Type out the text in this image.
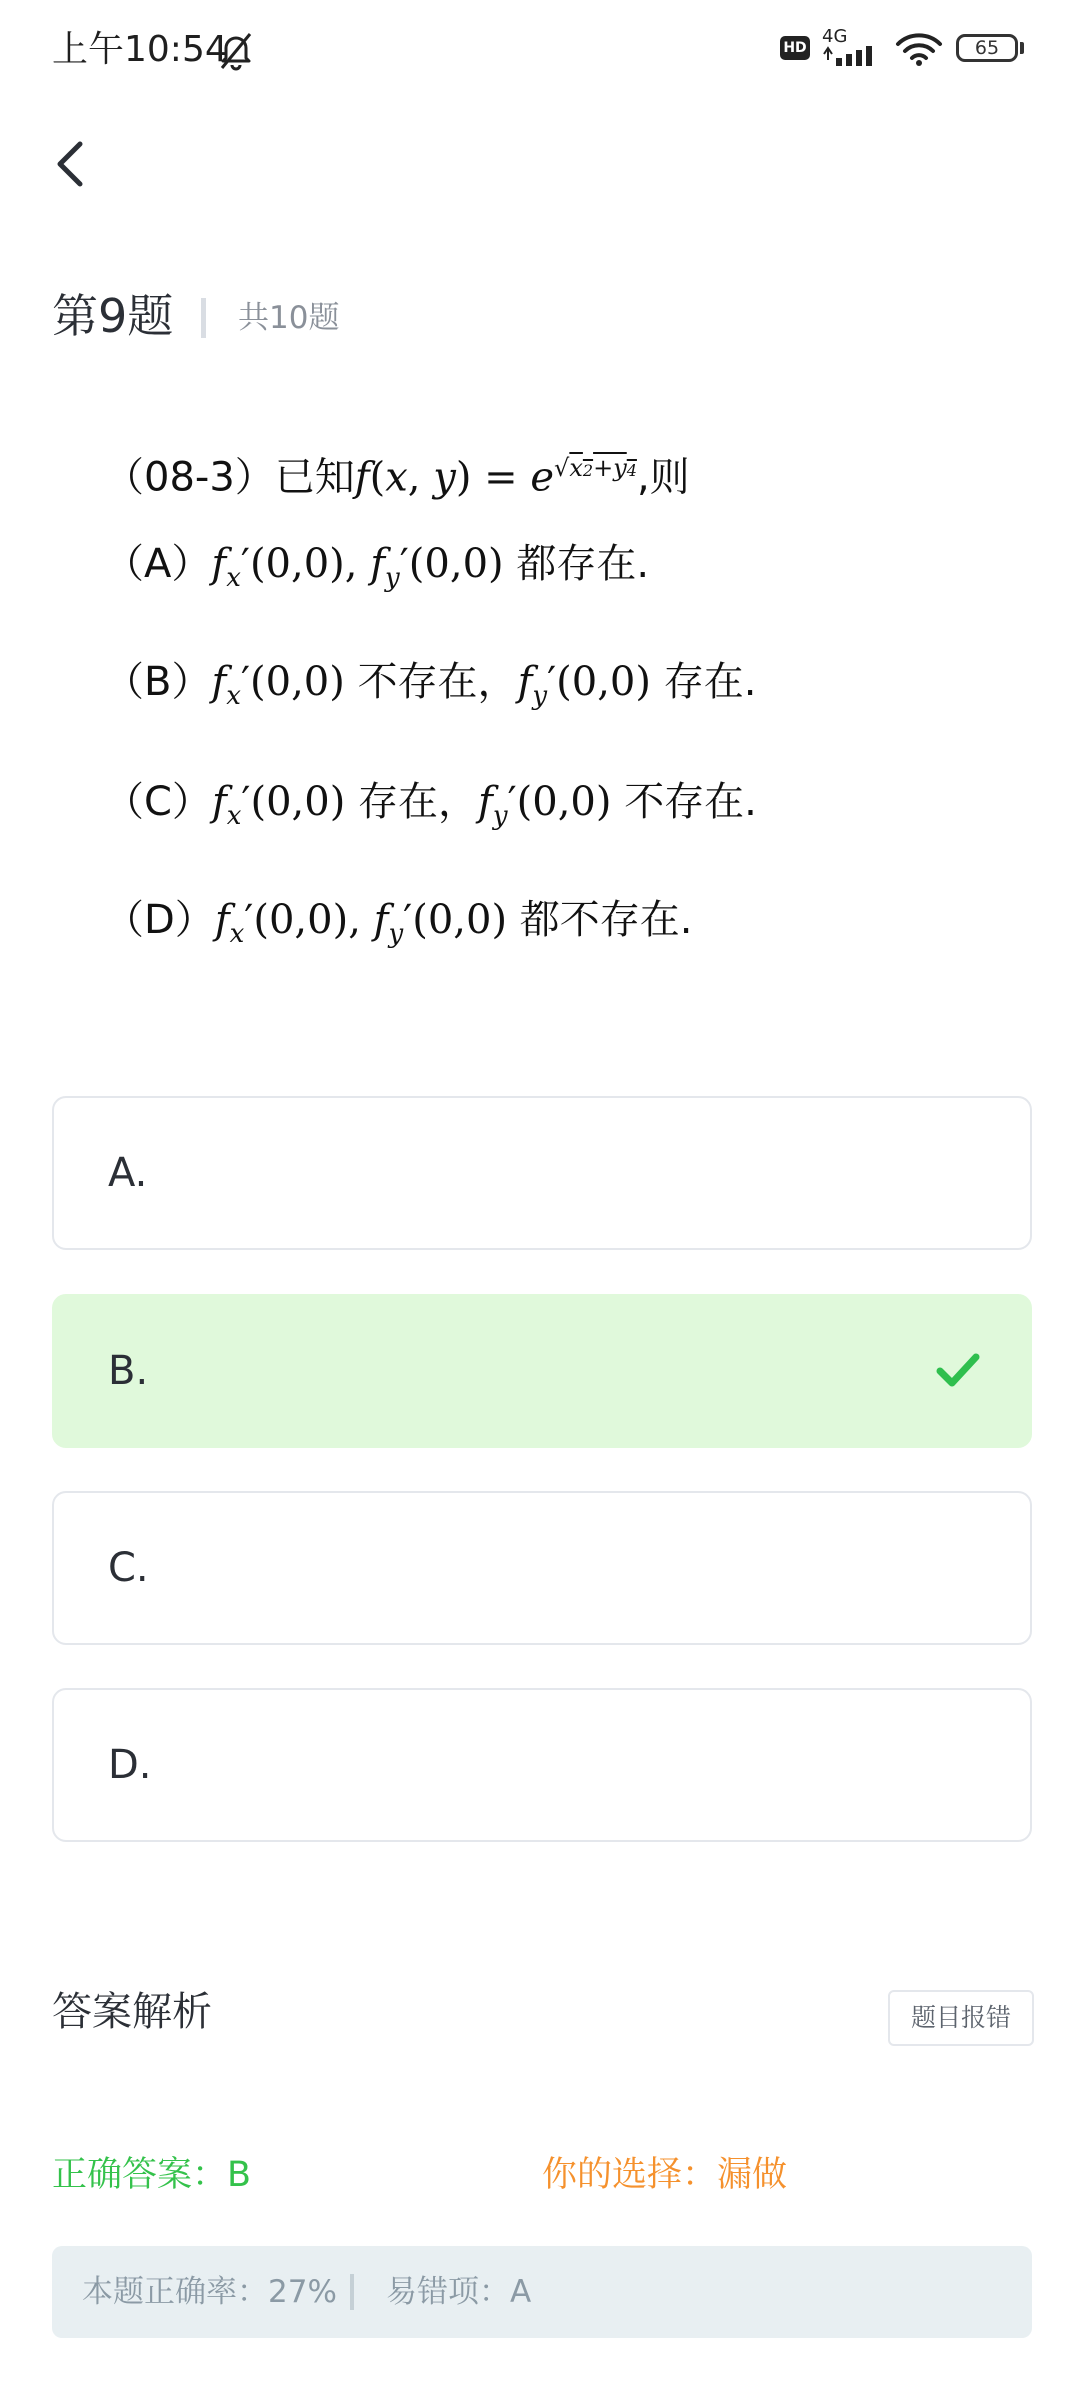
上午10:54	HD
4G
65
第9题 共10题
（08-3）已知f(x, $y) = e^{√x2+y4}$,则
$(A)f_x'(0,0)$, $f_y'(0,0)$ 都存在.
$(B)f_x'(0,0)$ 不存在，$f_y'(0,0)$ 存在.
$(C)f_x'(0,0)$ 存在，$f_y'(0,0)$ 不存在.
$(D)f_x'(0,0)$, $f_y'(0,0)$ 都不存在.
A.
B.
C.
D.
答案解析	题目报错
正确答案：B	你的选择：漏做
本题正确率：27% 易错项：A
